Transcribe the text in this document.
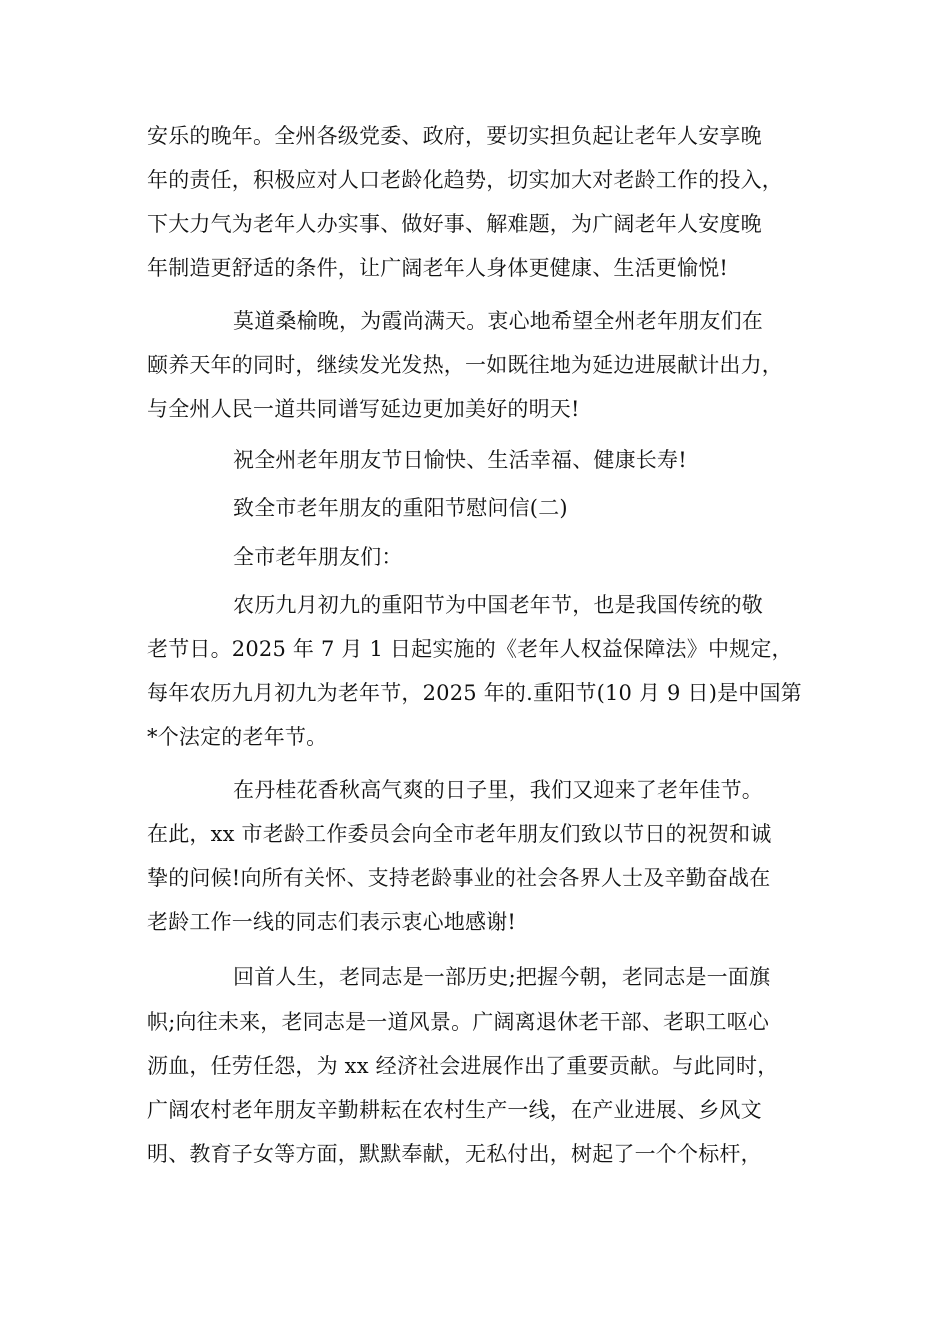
安乐的晚年。全州各级党委、政府，要切实担负起让老年人安享晚
年的责任，积极应对人口老龄化趋势，切实加大对老龄工作的投入，
下大力气为老年人办实事、做好事、解难题，为广阔老年人安度晚
年制造更舒适的条件，让广阔老年人身体更健康、生活更愉悦!
莫道桑榆晚，为霞尚满天。衷心地希望全州老年朋友们在
颐养天年的同时，继续发光发热，一如既往地为延边进展献计出力，
与全州人民一道共同谱写延边更加美好的明天!
祝全州老年朋友节日愉快、生活幸福、健康长寿!
致全市老年朋友的重阳节慰问信(二)
全市老年朋友们：
农历九月初九的重阳节为中国老年节，也是我国传统的敬
老节日。2025 年 7 月 1 日起实施的《老年人权益保障法》中规定，
每年农历九月初九为老年节，2025 年的.重阳节(10 月 9 日)是中国第
*个法定的老年节。
在丹桂花香秋高气爽的日子里，我们又迎来了老年佳节。
在此，xx 市老龄工作委员会向全市老年朋友们致以节日的祝贺和诚
挚的问候!向所有关怀、支持老龄事业的社会各界人士及辛勤奋战在
老龄工作一线的同志们表示衷心地感谢!
回首人生，老同志是一部历史;把握今朝，老同志是一面旗
帜;向往未来，老同志是一道风景。广阔离退休老干部、老职工呕心
沥血，任劳任怨，为 xx 经济社会进展作出了重要贡献。与此同时，
广阔农村老年朋友辛勤耕耘在农村生产一线，在产业进展、乡风文
明、教育子女等方面，默默奉献，无私付出，树起了一个个标杆，
